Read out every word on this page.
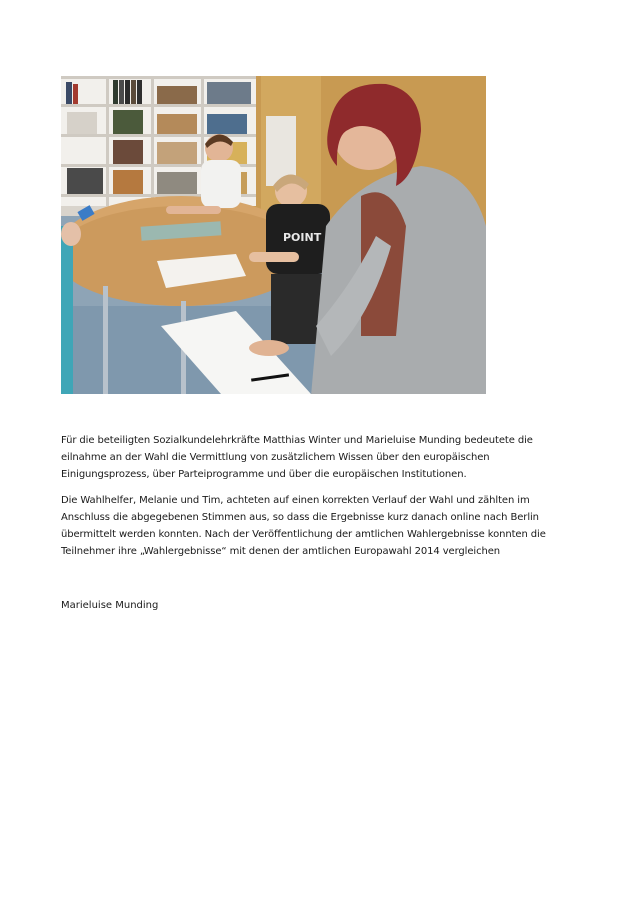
POINT

Für die beteiligten Sozialkundelehrkräfte Matthias Winter und Marieluise Munding bedeutete die
eilnahme an der Wahl die Vermittlung von zusätzlichem Wissen über den europäischen
Einigungsprozess, über Parteiprogramme und über die europäischen Institutionen.

Die Wahlhelfer, Melanie und Tim, achteten auf einen korrekten Verlauf der Wahl und zählten im
Anschluss die abgegebenen Stimmen aus, so dass die Ergebnisse kurz danach online nach Berlin
übermittelt werden konnten. Nach der Veröffentlichung der amtlichen Wahlergebnisse konnten die
Teilnehmer ihre „Wahlergebnisse“ mit denen der amtlichen Europawahl 2014 vergleichen

Marieluise Munding
